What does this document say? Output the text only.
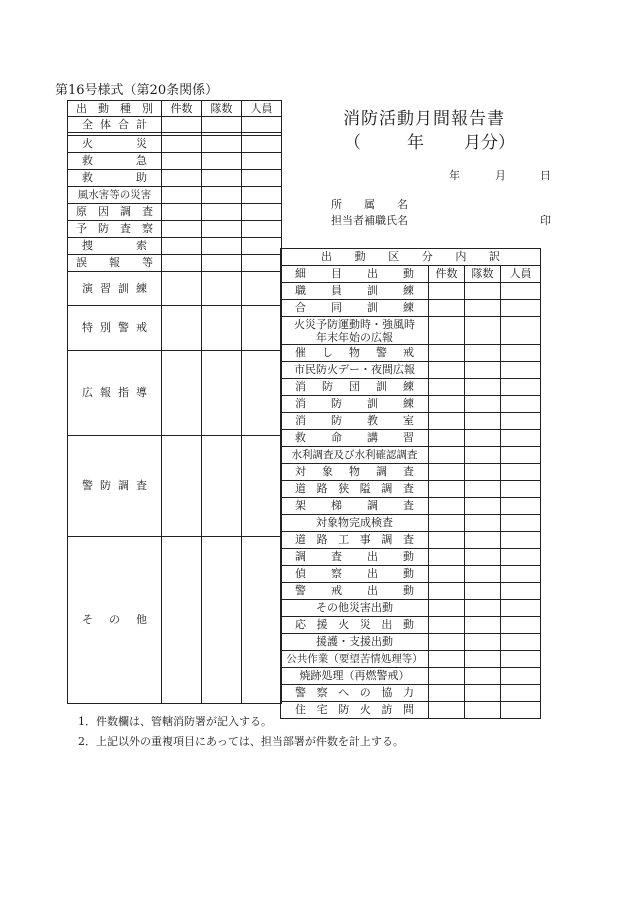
第16号様式（第20条関係）
消防活動月間報告書
（	年 月分）
年	月	日
所　　属　　名
担当者補職氏名	印
出動種別	件数	隊数	人員
全体合計			

火　　　災			
救　　　急			
救　　　助			
風水害等の災害			
原　因　調　査			
予　防　査　察			
捜　　　索			
誤　報　等			
演習訓練			
特別警戒			
広報指導			
警防調査			
その他			
出動区分内訳			
細目出動	件数	隊数	人員
職員訓練			
合同訓練			

火災予防運動時・強風時
年末年始の広報			

催し物警戒			
市民防火デー・夜間広報			
消防団訓練			
消防訓練			
消防教室			
救命講習			
水利調査及び水利確認調査			
対象物調査			
道路狭隘調査			
架梯調査			
対象物完成検査			
道路工事調査			
調査出動			
偵察出動			
警戒出動			
その他災害出動			
応援火災出動			
援護・支援出動			
公共作業（要望苦情処理等）			
焼跡処理（再燃警戒）			
警察への協力			
住宅防火訪問			
1．件数欄は、管轄消防署が記入する。
2．上記以外の重複項目にあっては、担当部署が件数を計上する。
